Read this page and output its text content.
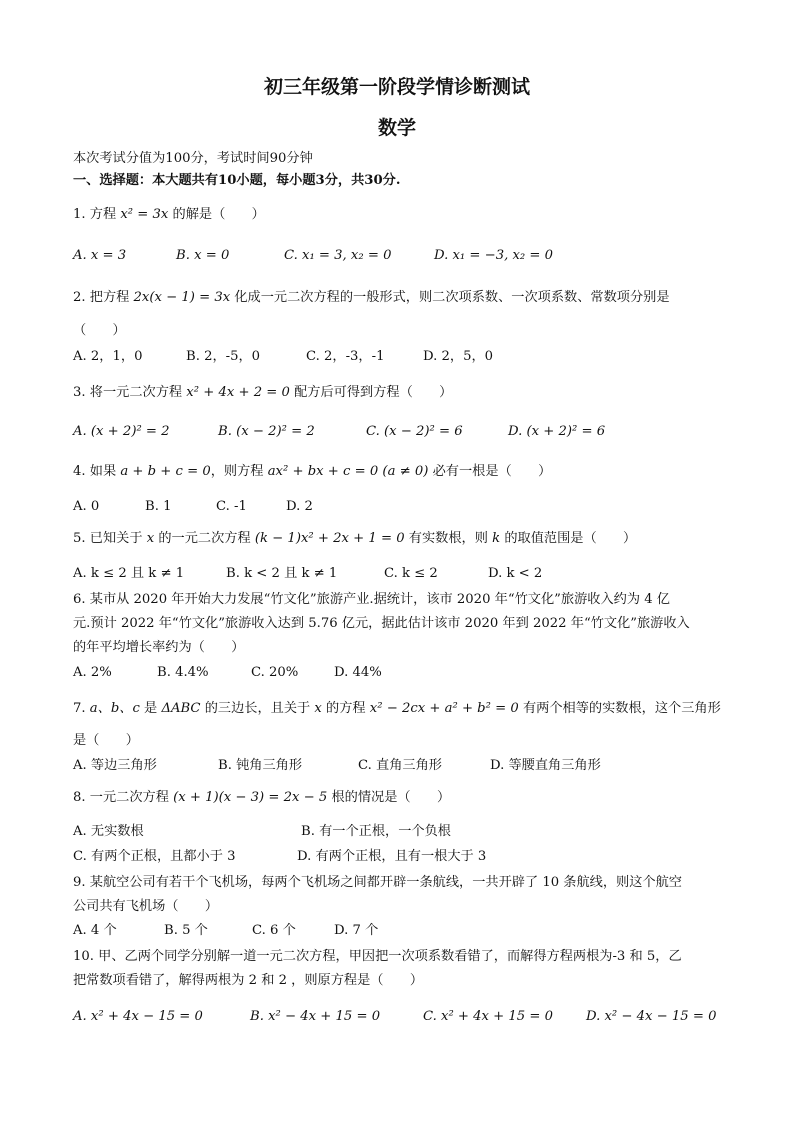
初三年级第一阶段学情诊断测试
数学
本次考试分值为100分，考试时间90分钟
一、选择题：本大题共有10小题，每小题3分，共30分.
1. 方程 x² = 3x 的解是（　　）
A. x = 3	B. x = 0	C. x₁ = 3, x₂ = 0	D. x₁ = −3, x₂ = 0
2. 把方程 2x(x − 1) = 3x 化成一元二次方程的一般形式，则二次项系数、一次项系数、常数项分别是
（　　）
A. 2，1，0	B. 2，-5，0	C. 2，-3，-1	D. 2，5，0
3. 将一元二次方程 x² + 4x + 2 = 0 配方后可得到方程（　　）
A. (x + 2)² = 2	B. (x − 2)² = 2	C. (x − 2)² = 6	D. (x + 2)² = 6
4. 如果 a + b + c = 0，则方程 ax² + bx + c = 0 (a ≠ 0) 必有一根是（　　）
A. 0	B. 1	C. -1	D. 2
5. 已知关于 x 的一元二次方程 (k − 1)x² + 2x + 1 = 0 有实数根，则 k 的取值范围是（　　）
A. k ≤ 2 且 k ≠ 1	B. k < 2 且 k ≠ 1	C. k ≤ 2	D. k < 2
6. 某市从 2020 年开始大力发展“竹文化”旅游产业.据统计，该市 2020 年“竹文化”旅游收入约为 4 亿
元.预计 2022 年“竹文化”旅游收入达到 5.76 亿元，据此估计该市 2020 年到 2022 年“竹文化”旅游收入
的年平均增长率约为（　　）
A. 2%	B. 4.4%	C. 20%	D. 44%
7. a、b、c 是 ΔABC 的三边长，且关于 x 的方程 x² − 2cx + a² + b² = 0 有两个相等的实数根，这个三角形
是（　　）
A. 等边三角形	B. 钝角三角形	C. 直角三角形	D. 等腰直角三角形
8. 一元二次方程 (x + 1)(x − 3) = 2x − 5 根的情况是（　　）
A. 无实数根	B. 有一个正根，一个负根
C. 有两个正根，且都小于 3	D. 有两个正根，且有一根大于 3
9. 某航空公司有若干个飞机场，每两个飞机场之间都开辟一条航线，一共开辟了 10 条航线，则这个航空
公司共有飞机场（　　）
A. 4 个	B. 5 个	C. 6 个	D. 7 个
10. 甲、乙两个同学分别解一道一元二次方程，甲因把一次项系数看错了，而解得方程两根为-3 和 5，乙
把常数项看错了，解得两根为 2 和 2 ，则原方程是（　　）
A. x² + 4x − 15 = 0	B. x² − 4x + 15 = 0	C. x² + 4x + 15 = 0 D. x² − 4x − 15 = 0
